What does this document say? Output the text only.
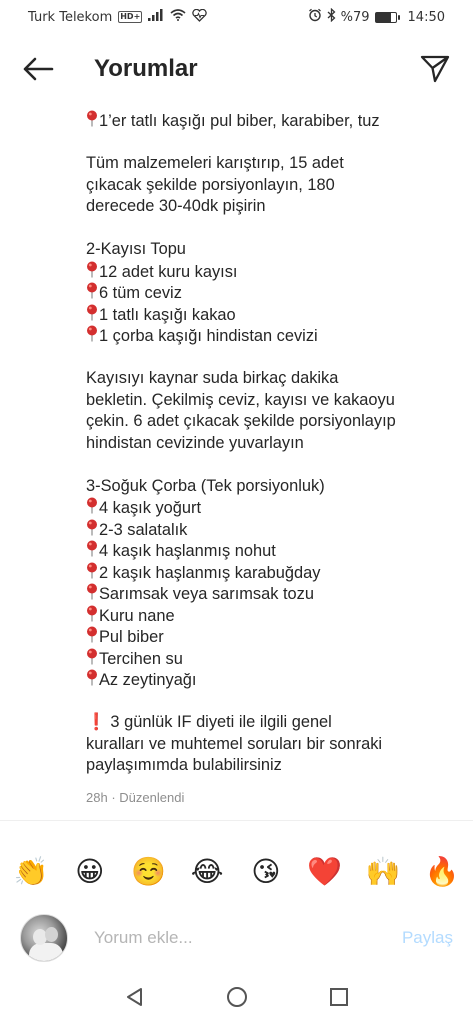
Turk Telekom HD+	%79	14:50
Yorumlar
1’er tatlı kaşığı pul biber, karabiber, tuz
Tüm malzemeleri karıştırıp, 15 adet
çıkacak şekilde porsiyonlayın, 180
derecede 30-40dk pişirin
2-Kayısı Topu
12 adet kuru kayısı
6 tüm ceviz
1 tatlı kaşığı kakao
1 çorba kaşığı hindistan cevizi
Kayısıyı kaynar suda birkaç dakika
bekletin. Çekilmiş ceviz, kayısı ve kakaoyu
çekin. 6 adet çıkacak şekilde porsiyonlayıp
hindistan cevizinde yuvarlayın
3-Soğuk Çorba (Tek porsiyonluk)
4 kaşık yoğurt
2-3 salatalık
4 kaşık haşlanmış nohut
2 kaşık haşlanmış karabuğday
Sarımsak veya sarımsak tozu
Kuru nane
Pul biber
Tercihen su
Az zeytinyağı
❗ 3 günlük IF diyeti ile ilgili genel
kuralları ve muhtemel soruları bir sonraki
paylaşımımda bulabilirsiniz
28h · Düzenlendi
👏 😀 ☺️ 😂 😘 ❤️ 🙌 🔥
Yorum ekle...
Paylaş
